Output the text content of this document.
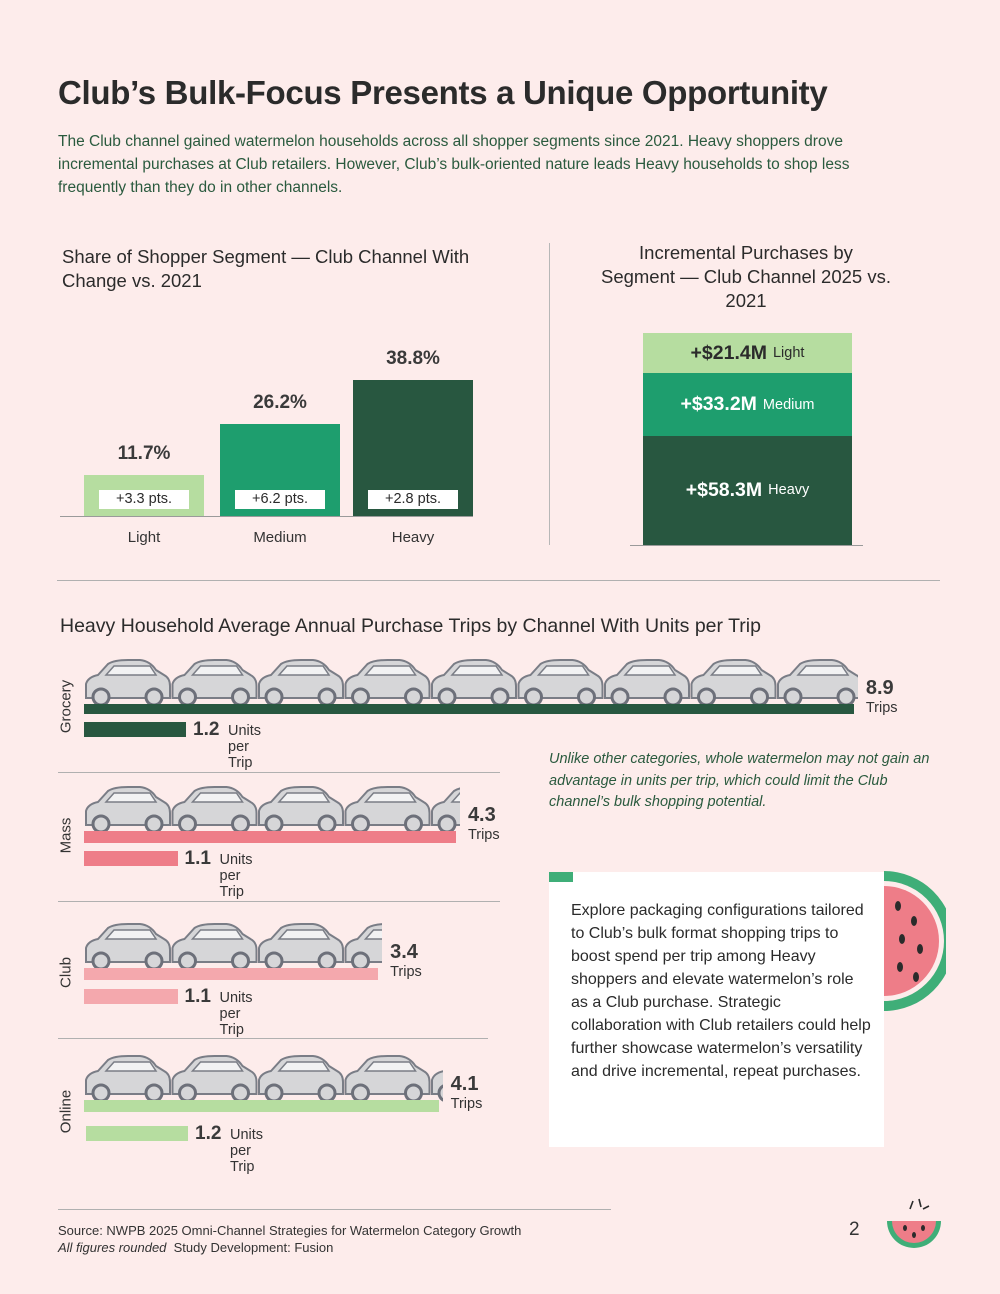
Club’s Bulk-Focus Presents a Unique Opportunity
The Club channel gained watermelon households across all shopper segments since 2021. Heavy shoppers drove incremental purchases at Club retailers. However, Club’s bulk-oriented nature leads Heavy households to shop less frequently than they do in other channels.
Share of Shopper Segment — Club Channel With Change vs. 2021
Incremental Purchases by Segment — Club Channel 2025 vs. 2021
11.7%
+3.3 pts.
Light
26.2%
+6.2 pts.
Medium
38.8%
+2.8 pts.
Heavy
+$58.3M Heavy
+$33.2M Medium
+$21.4M Light
Heavy Household Average Annual Purchase Trips by Channel With Units per Trip
8.9
Trips
1.2 Units per Trip
Grocery
4.3
Trips
1.1 Units per Trip
Mass
3.4
Trips
1.1 Units per Trip
Club
4.1
Trips
1.2 Units per Trip
Online
Unlike other categories, whole watermelon may not gain an advantage in units per trip, which could limit the Club channel’s bulk shopping potential.
Explore packaging configurations tailored to Club’s bulk format shopping trips to boost spend per trip among Heavy shoppers and elevate watermelon’s role as a Club purchase. Strategic collaboration with Club retailers could help further showcase watermelon’s versatility and drive incremental, repeat purchases.
Source: NWPB 2025 Omni-Channel Strategies for Watermelon Category Growth
All figures rounded Study Development: Fusion
2
